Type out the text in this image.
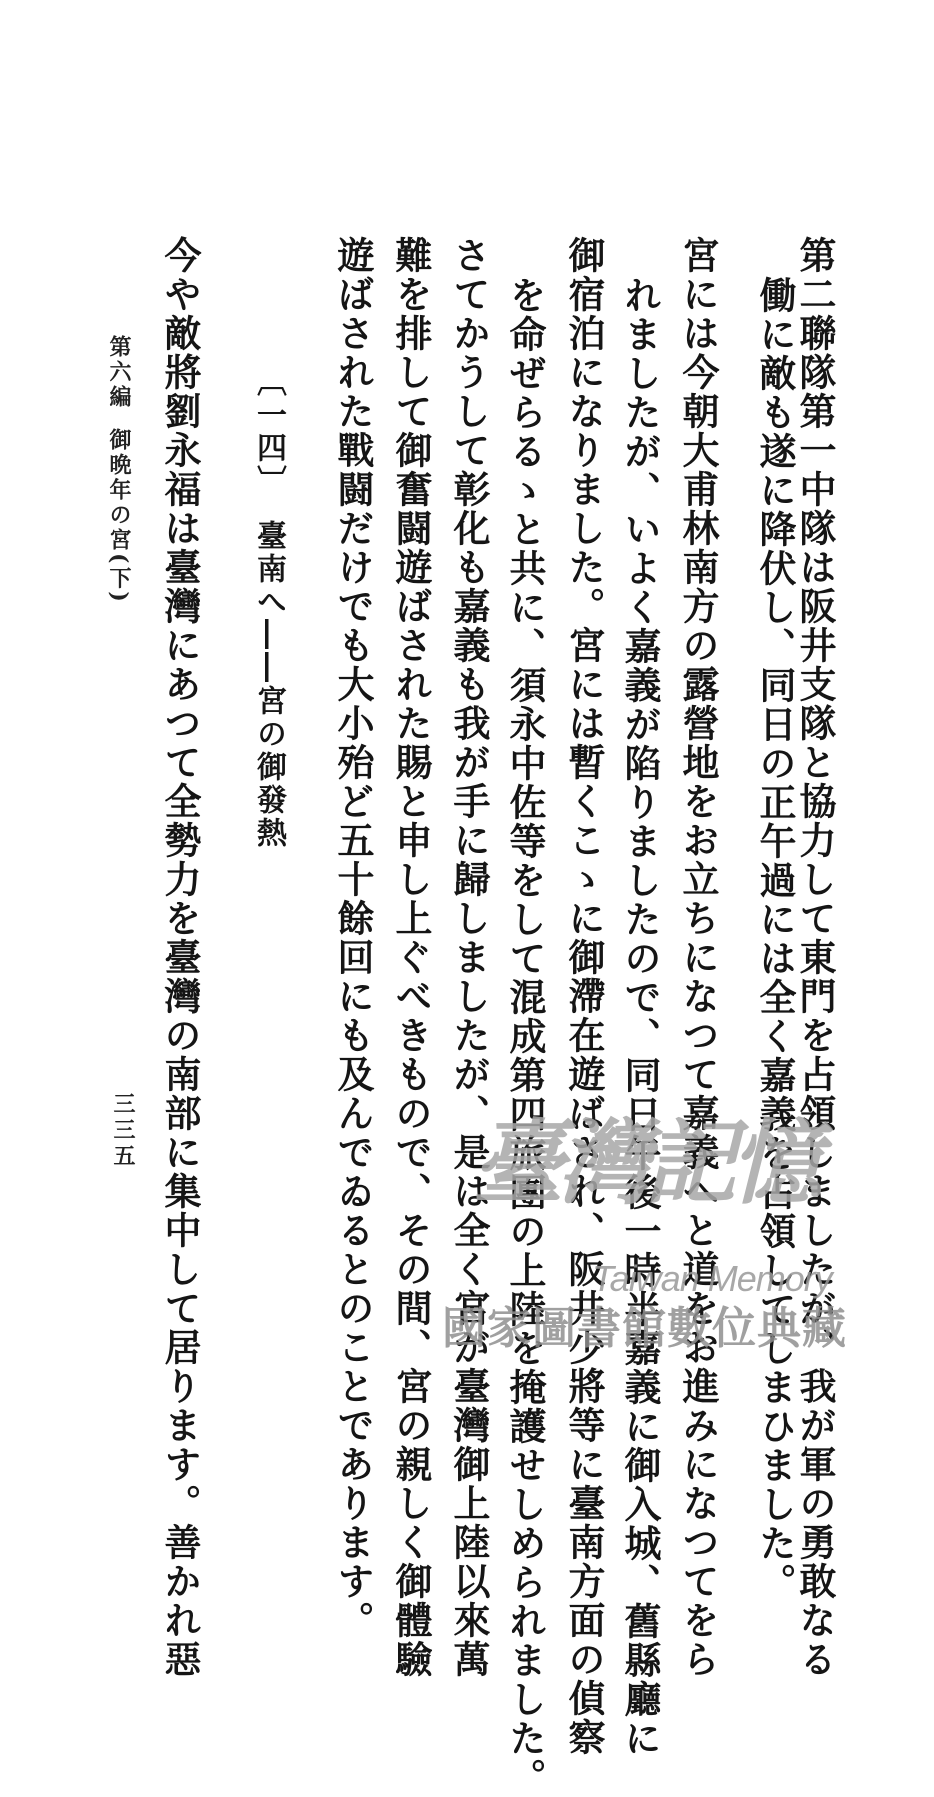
第二聯隊第一中隊は阪井支隊と協力して東門を占領しましたが、我が軍の勇敢なる
働に敵も遂に降伏し、同日の正午過には全く嘉義を占領してしまひました。
宮には今朝大甫林南方の露營地をお立ちになつて嘉義へと道をお進みになつてをら
れましたが、いよく嘉義が陷りましたので、同日午後一時半嘉義に御入城、舊縣廳に
御宿泊になりました。宮には暫くこゝに御滯在遊ばされ、阪井少將等に臺南方面の偵察
を命ぜらるゝと共に、須永中佐等をして混成第四旅團の上陸を掩護せしめられました。
さてかうして彰化も嘉義も我が手に歸しましたが、是は全く宮が臺灣御上陸以來萬
難を排して御奮闘遊ばされた賜と申し上ぐべきもので、その間、宮の親しく御體驗
遊ばされた戰闘だけでも大小殆ど五十餘回にも及んでゐるとのことであります。
〔一四〕臺南へ――宮の御發熱
今や敵將劉永福は臺灣にあつて全勢力を臺灣の南部に集中して居ります。善かれ惡
第六編御晩年の宮(下)
三三五	臺灣記憶
Taiwan Memory
國家圖書館數位典藏
